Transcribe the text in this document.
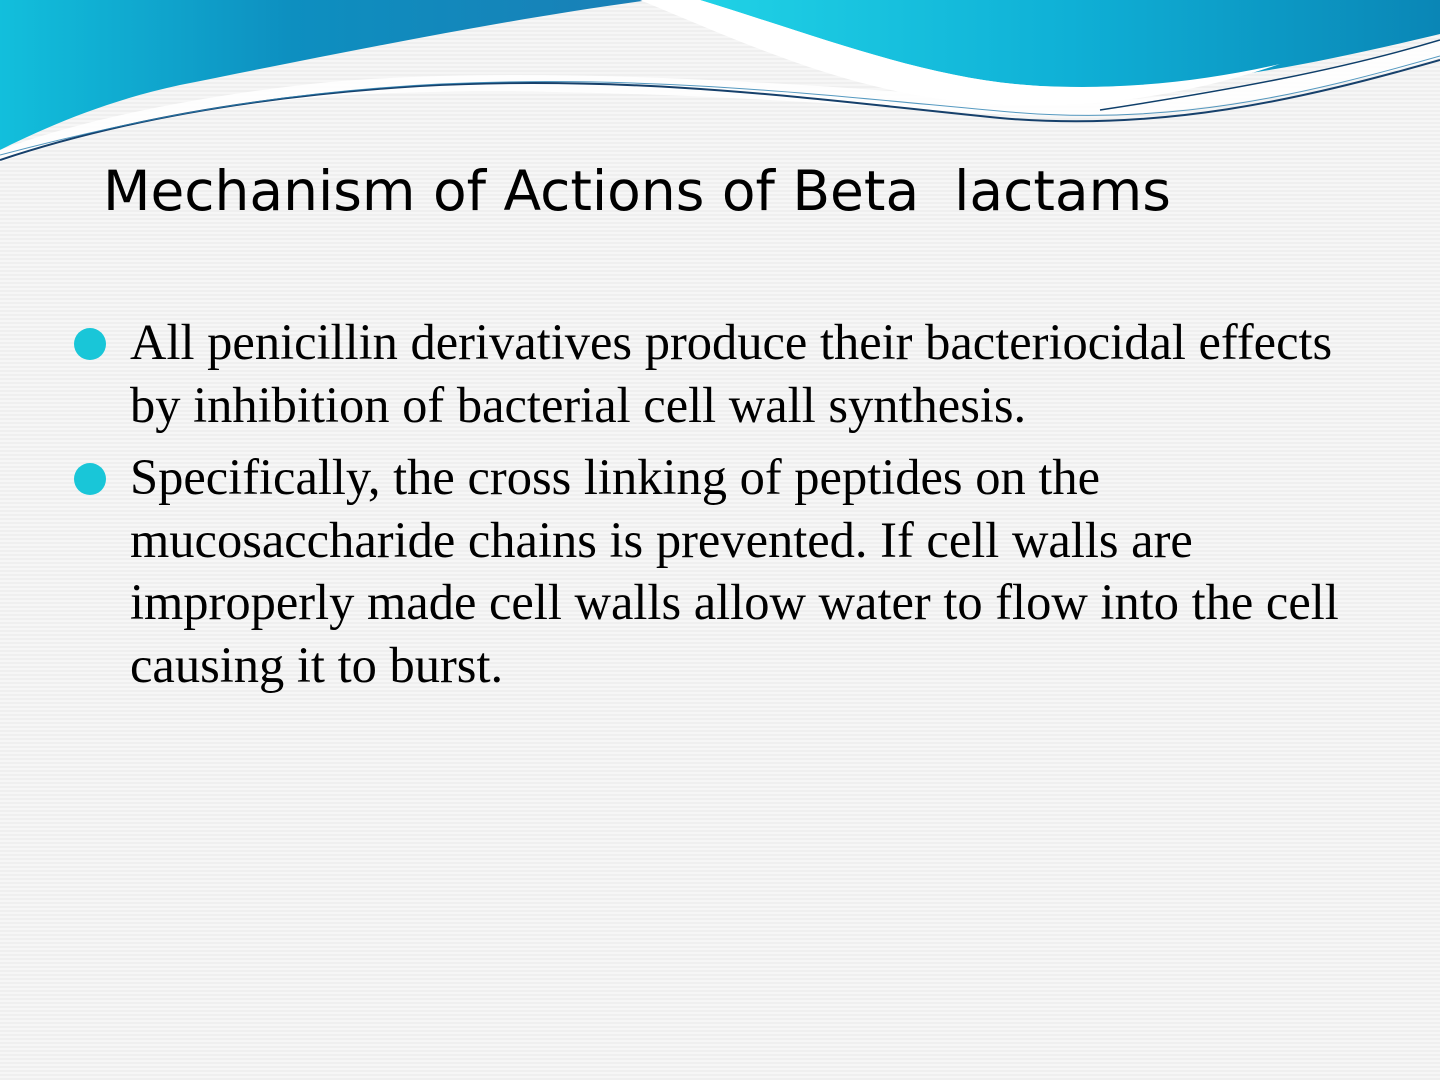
Mechanism of Actions of Beta  lactams
All penicillin derivatives produce their bacteriocidal effects by inhibition of bacterial cell wall synthesis.
Specifically, the cross linking of peptides on the mucosaccharide chains is prevented. If cell walls are improperly made cell walls allow water to flow into the cell causing it to burst.
